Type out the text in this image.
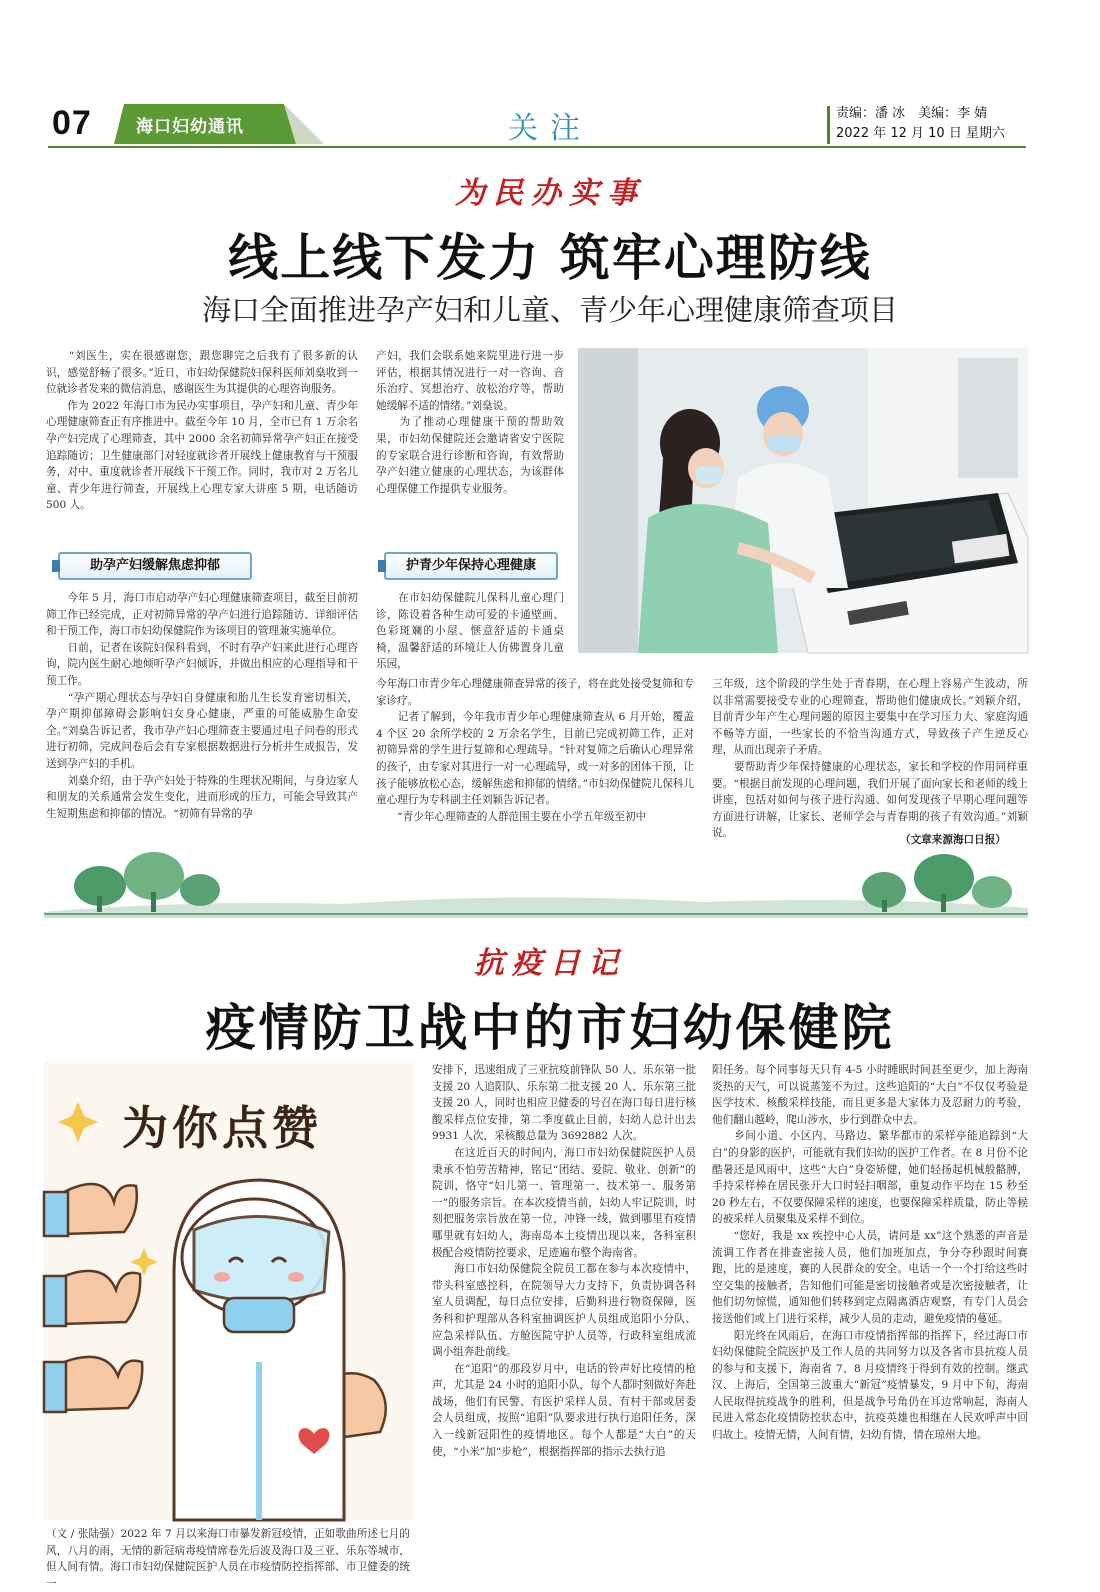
07	海口妇幼通讯	关注	责编：潘 冰　美编：李 婧
2022 年 12 月 10 日 星期六
为民办实事
线上线下发力 筑牢心理防线
海口全面推进孕产妇和儿童、青少年心理健康筛查项目

　　“刘医生，实在很感谢您，跟您聊完之后我有了很多新的认识，感觉舒畅了很多。”近日，市妇幼保健院妇保科医师刘燊收到一位就诊者发来的微信消息，感谢医生为其提供的心理咨询服务。
　　作为 2022 年海口市为民办实事项目，孕产妇和儿童、青少年心理健康筛查正有序推进中。截至今年 10 月，全市已有 1 万余名孕产妇完成了心理筛查，其中 2000 余名初筛异常孕产妇正在接受追踪随访；卫生健康部门对轻度就诊者开展线上健康教育与干预服务，对中、重度就诊者开展线下干预工作。同时，我市对 2 万名儿童、青少年进行筛查，开展线上心理专家大讲座 5 期，电话随访 500 人。

助孕产妇缓解焦虑抑郁

　　今年 5 月，海口市启动孕产妇心理健康筛查项目，截至目前初筛工作已经完成，正对初筛异常的孕产妇进行追踪随访、详细评估和干预工作，海口市妇幼保健院作为该项目的管理兼实施单位。
　　日前，记者在该院妇保科看到，不时有孕产妇来此进行心理咨询，院内医生耐心地倾听孕产妇倾诉，并做出相应的心理指导和干预工作。
　　“孕产期心理状态与孕妇自身健康和胎儿生长发育密切相关，孕产期抑郁障碍会影响妇女身心健康，严重的可能威胁生命安全。”刘燊告诉记者，我市孕产妇心理筛查主要通过电子问卷的形式进行初筛，完成问卷后会有专家根据数据进行分析并生成报告，发送到孕产妇的手机。
　　刘燊介绍，由于孕产妇处于特殊的生理状况期间，与身边家人和朋友的关系通常会发生变化，进而形成的压力，可能会导致其产生短期焦虑和抑郁的情况。“初筛有异常的孕

产妇，我们会联系她来院里进行进一步评估，根据其情况进行一对一咨询、音乐治疗、冥想治疗、放松治疗等，帮助她缓解不适的情绪。”刘燊说。
　　为了推动心理健康干预的帮助效果，市妇幼保健院还会邀请省安宁医院的专家联合进行诊断和咨询，有效帮助孕产妇建立健康的心理状态，为该群体心理保健工作提供专业服务。

护青少年保持心理健康

　　在市妇幼保健院儿保科儿童心理门诊，陈设着各种生动可爱的卡通壁画、色彩斑斓的小屋、惬意舒适的卡通桌椅，温馨舒适的环境让人仿佛置身儿童乐园，

今年海口市青少年心理健康筛查异常的孩子，将在此处接受复筛和专家诊疗。
　　记者了解到，今年我市青少年心理健康筛查从 6 月开始，覆盖 4 个区 20 余所学校的 2 万余名学生，目前已完成初筛工作，正对初筛异常的学生进行复筛和心理疏导。“针对复筛之后确认心理异常的孩子，由专家对其进行一对一心理疏导，或一对多的团体干预，让孩子能够放松心态，缓解焦虑和抑郁的情绪。”市妇幼保健院儿保科儿童心理行为专科副主任刘颖告诉记者。
　　“青少年心理筛查的人群范围主要在小学五年级至初中

三年级，这个阶段的学生处于青春期，在心理上容易产生波动，所以非常需要接受专业的心理筛查，帮助他们健康成长。”刘颖介绍，目前青少年产生心理问题的原因主要集中在学习压力大、家庭沟通不畅等方面，一些家长的不恰当沟通方式，导致孩子产生逆反心理，从而出现亲子矛盾。
　　要帮助青少年保持健康的心理状态，家长和学校的作用同样重要。“根据目前发现的心理问题，我们开展了面向家长和老师的线上讲座，包括对如何与孩子进行沟通、如何发现孩子早期心理问题等方面进行讲解，让家长、老师学会与青春期的孩子有效沟通。”刘颖说。

（文章来源海口日报）
抗疫日记
疫情防卫战中的市妇幼保健院
为你点赞

（文 / 张陆强）2022 年 7 月以来海口市暴发新冠疫情，正如歌曲所述七月的风，八月的雨，无情的新冠病毒疫情席卷先后波及海口及三亚、乐东等城市，但人间有情。海口市妇幼保健院医护人员在市疫情防控指挥部、市卫健委的统一

安排下，迅速组成了三亚抗疫前锋队 50 人、乐东第一批支援 20 人追阳队、乐东第二批支援 20 人、乐东第三批支援 20 人，同时也相应卫健委的号召在海口每日进行核酸采样点位安排，第二季度截止目前，妇幼人总计出去 9931 人次，采核酸总量为 3692882 人次。
　　在这近百天的时间内，海口市妇幼保健院医护人员秉承不怕劳苦精神，铭记“团结、爱院、敬业、创新”的院训，恪守“妇儿第一、管理第一、技术第一、服务第一”的服务宗旨。在本次疫情当前，妇幼人牢记院训，时刻把服务宗旨放在第一位，冲锋一线，做到哪里有疫情哪里就有妇幼人，海南岛本土疫情出现以来，各科室积极配合疫情防控要求，足迹遍布整个海南省。
　　海口市妇幼保健院全院员工都在参与本次疫情中，带头科室感控科，在院领导大力支持下，负责协调各科室人员调配，每日点位安排，后勤科进行物资保障，医务科和护理部从各科室抽调医护人员组成追阳小分队、应急采样队伍、方舱医院守护人员等，行政科室组成流调小组奔赴前线。
　　在“追阳”的那段岁月中，电话的铃声好比疫情的枪声，尤其是 24 小时的追阳小队，每个人都时刻做好奔赴战场，他们有民警、有医护采样人员、有村干部或居委会人员组成，按照“追阳”队要求进行执行追阳任务，深入一线新冠阳性的疫情地区。每个人都是“大白”的天使，“小米”加“步枪”，根据指挥部的指示去执行追

阳任务。每个同事每天只有 4-5 小时睡眠时间甚至更少，加上海南炎热的天气，可以说蒸笼不为过。这些追阳的“大白”不仅仅考验是医学技术、核酸采样技能，而且更多是大家体力及忍耐力的考验，他们翻山越岭，爬山涉水，步行到群众中去。
　　乡间小道、小区内、马路边、繁华都市的采样亭能追踪到“大白”的身影的医护，可能就有我们妇幼的医护工作者。在 8 月份不论酷暑还是风雨中，这些“大白”身姿矫健，她们轻扬起机械般骼膊，手持采样棒在居民张开大口时轻扫咽部，重复动作平均在 15 秒至 20 秒左右，不仅要保障采样的速度，也要保障采样质量，防止等候的被采样人员聚集及采样不到位。
　　“您好，我是 xx 疾控中心人员，请问是 xx”这个熟悉的声音是流调工作者在排查密接人员，他们加班加点，争分夺秒跟时间赛跑，比的是速度，赛的人民群众的安全。电话一个一个打给这些时空交集的接触者，告知他们可能是密切接触者或是次密接触者，让他们切勿惊慌，通知他们转移到定点隔离酒店观察，有专门人员会接送他们或上门进行采样，减少人员的走动，避免疫情的蔓延。
　　阳光终在风雨后，在海口市疫情指挥部的指挥下，经过海口市妇幼保健院全院医护及工作人员的共同努力以及各省市县抗疫人员的参与和支援下，海南省 7、8 月疫情终于得到有效的控制。继武汉、上海后，全国第三波重大“新冠”疫情暴发，9 月中下旬，海南人民取得抗疫战争的胜利，但是战争号角仍在耳边常响起，海南人民进入常态化疫情防控状态中，抗疫英雄也相继在人民欢呼声中回归故土。疫情无情，人间有情，妇幼有情，情在琼州大地。
